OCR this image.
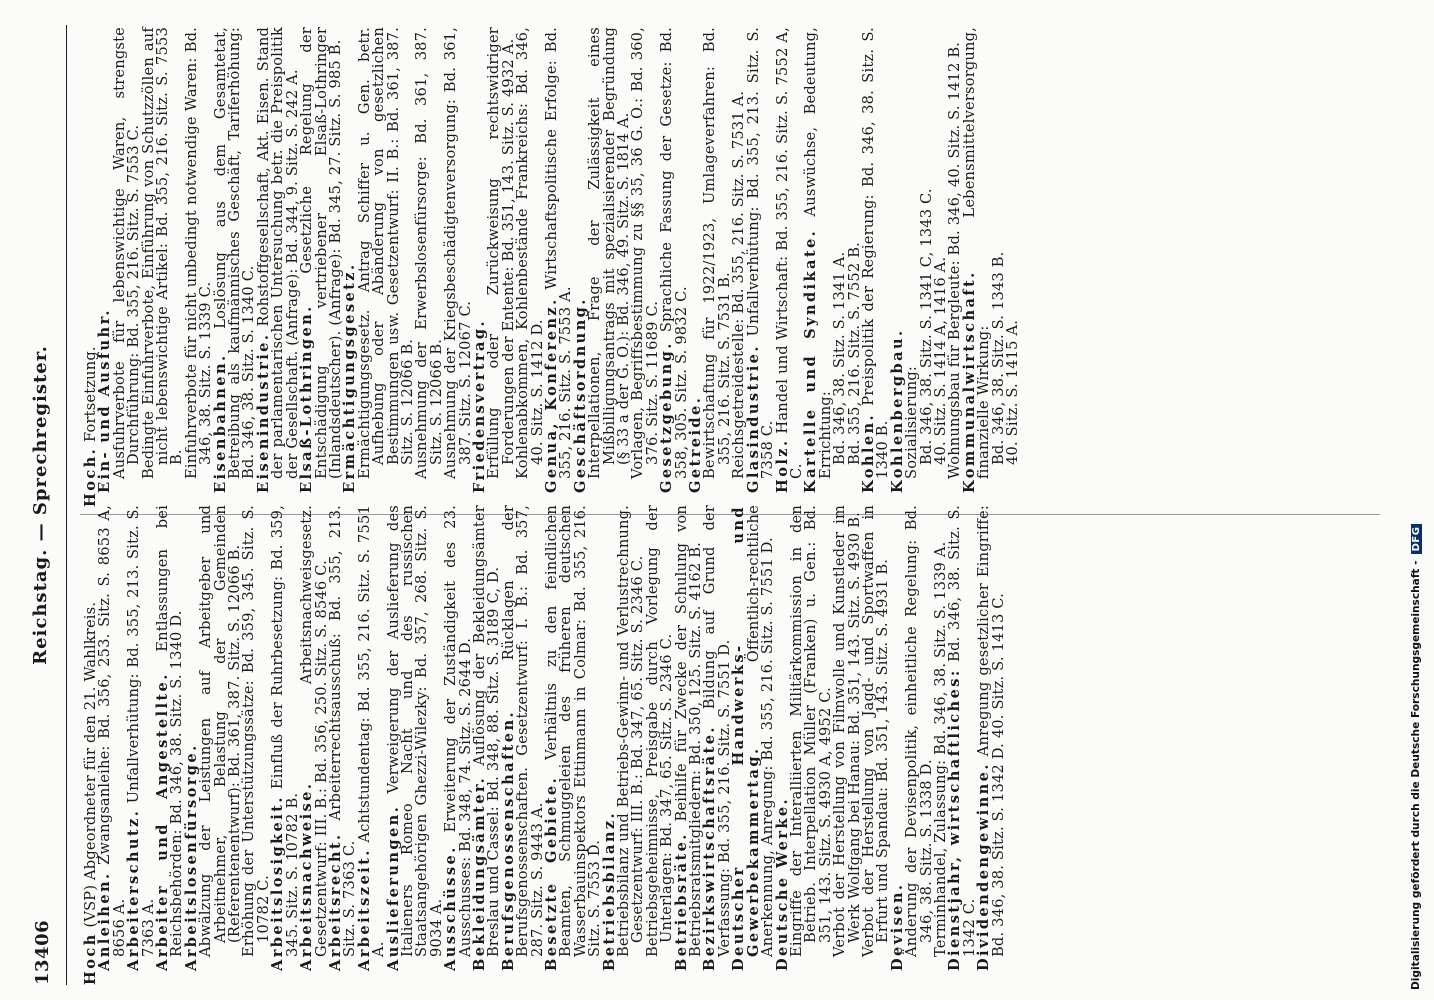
13406
Reichstag. — Sprechregister.

Hoch (VSP) Abgeordneter für den 21. Wahlkreis.

Anleihen. Zwangsanleihe: Bd. 356, 253. Sitz. S. 8653 A, 8656 A.

Arbeiterschutz. Unfallverhütung: Bd. 355, 213. Sitz. S. 7363 A.

Arbeiter und Angestellte. Entlassungen bei Reichsbehörden: Bd. 346, 38. Sitz. S. 1340 D.

Arbeitslosenfürsorge.

Abwälzung der Leistungen auf Arbeitgeber und Arbeitnehmer, Belastung der Gemeinden (Referentenentwurf): Bd. 361, 387. Sitz. S. 12066 B.

Erhöhung der Unterstützungssätze: Bd. 359, 345. Sitz. S. 10782 C.

Arbeitslosigkeit. Einfluß der Ruhrbesetzung: Bd. 359, 345. Sitz. S. 10782 B.

Arbeitsnachweise. Arbeitsnachweisgesetz. Gesetzentwurf: III. B.: Bd. 356, 250. Sitz. S. 8546 C.

Arbeitsrecht. Arbeiterrechtsausschuß: Bd. 355, 213. Sitz. S. 7363 C.

Arbeitszeit. Achtstundentag: Bd. 355, 216. Sitz. S. 7551 A.

Auslieferungen. Verweigerung der Auslieferung des Italieners Romeo Nacht und des russischen Staatsangehörigen Ghezzi-Wilezky: Bd. 357, 268. Sitz. S. 9034 A.

Ausschüsse. Erweiterung der Zuständigkeit des 23. Ausschusses: Bd. 348, 74. Sitz. S. 2644 D.

Bekleidungsämter. Auflösung der Bekleidungsämter Breslau und Cassel: Bd. 348, 88. Sitz. S. 3189 C, D.

Berufsgenossenschaften. Rücklagen der Berufsgenossenschaften. Gesetzentwurf: I. B.: Bd. 357, 287. Sitz. S. 9443 A.

Besetzte Gebiete. Verhältnis zu den feindlichen Beamten, Schmuggeleien des früheren deutschen Wasserbauinspektors Ettinmann in Colmar: Bd. 355, 216. Sitz. S. 7553 D.

Betriebsbilanz.

Betriebsbilanz und Betriebs-Gewinn- und Verlustrechnung. Gesetzentwurf: III. B.: Bd. 347, 65. Sitz. S. 2346 C.

Betriebsgeheimnisse, Preisgabe durch Vorlegung der Unterlagen: Bd. 347, 65. Sitz. S. 2346 C.

Betriebsräte. Beihilfe für Zwecke der Schulung von Betriebsratsmitgliedern: Bd. 350, 125. Sitz. S. 4162 B.

Bezirkswirtschaftsräte. Bildung auf Grund der Verfassung: Bd. 355, 216. Sitz. S. 7551 D.

Deutscher Handwerks- und Gewerbekammertag. Öffentlich-rechtliche Anerkennung, Anregung: Bd. 355, 216. Sitz. S. 7551 D.

Deutsche Werke.

Eingriffe der Interalliierten Militärkommission in den Betrieb. Interpellation Müller (Franken) u. Gen.: Bd. 351, 143. Sitz. S. 4930 A, 4952 C.

Verbot der Herstellung von Filmwolle und Kunstleder im Werk Wolfgang bei Hanau: Bd. 351, 143. Sitz. S. 4930 B.

Verbot der Herstellung von Jagd- und Sportwaffen in Erfurt und Spandau: Bd. 351, 143. Sitz. S. 4931 B.

Devisen.

Änderung der Devisenpolitik, einheitliche Regelung: Bd. 346, 38. Sitz. S. 1338 D.

Terminhandel, Zulassung: Bd. 346, 38. Sitz. S. 1339 A.

Dienstjahr, wirtschaftliches: Bd. 346, 38. Sitz. S. 1342 C.

Dividendengewinne. Anregung gesetzlicher Eingriffe: Bd. 346, 38. Sitz. S. 1342 D. 40. Sitz. S. 1413 C.

Hoch. Fortsetzung.

Ein- und Ausfuhr.

Ausfuhrverbote für lebenswichtige Waren, strengste Durchführung: Bd. 355, 216. Sitz. S. 7553 C.

Bedingte Einfuhrverbote, Einführung von Schutzzöllen auf nicht lebenswichtige Artikel: Bd. 355, 216. Sitz. S. 7553 B.

Einfuhrverbote für nicht unbedingt notwendige Waren: Bd. 346, 38. Sitz. S. 1339 C.

Eisenbahnen. Loslösung aus dem Gesamtetat, Betreibung als kaufmännisches Geschäft, Tariferhöhung: Bd. 346, 38. Sitz. S. 1340 C.

Eisenindustrie. Rohstoffgesellschaft, Akt. Eisen. Stand der parlamentarischen Untersuchung betr. die Preispolitik der Gesellschaft. (Anfrage): Bd. 344, 9. Sitz. S. 242 A.

Elsaß-Lothringen. Gesetzliche Regelung der Entschädigung vertriebener Elsaß-Lothringer (Inlandsdeutscher). (Anfrage): Bd. 345, 27. Sitz. S. 985 B.

Ermächtigungsgesetz.

Ermächtigungsgesetz. Antrag Schiffer u. Gen. betr. Aufhebung oder Abänderung von gesetzlichen Bestimmungen usw. Gesetzentwurf: II. B.: Bd. 361, 387. Sitz. S. 12066 B.

Ausnehmung der Erwerbslosenfürsorge: Bd. 361, 387. Sitz. S. 12066 B.

Ausnehmung der Kriegsbeschädigtenversorgung: Bd. 361, 387. Sitz. S. 12067 C.

Friedensvertrag.

Erfüllung oder Zurückweisung rechtswidriger Forderungen der Entente: Bd. 351, 143. Sitz. S. 4932 A.

Kohlenabkommen, Kohlenbestände Frankreichs: Bd. 346, 40. Sitz. S. 1412 D.

Genua, Konferenz. Wirtschaftspolitische Erfolge: Bd. 355, 216. Sitz. S. 7553 A.

Geschäftsordnung.

Interpellationen, Frage der Zulässigkeit eines Mißbilligungsantrags mit spezialisierender Begründung (§ 33 a der G. O.): Bd. 346, 49. Sitz. S. 1814 A.

Vorlagen, Begriffsbestimmung zu §§ 35, 36 G. O.: Bd. 360, 376. Sitz. S. 11689 C.

Gesetzgebung. Sprachliche Fassung der Gesetze: Bd. 358, 305. Sitz. S. 9832 C.

Getreide.

Bewirtschaftung für 1922/1923, Umlageverfahren: Bd. 355, 216. Sitz. S. 7531 B.

Reichsgetreidestelle: Bd. 355, 216. Sitz. S. 7531 A.

Glasindustrie. Unfallverhütung: Bd. 355, 213. Sitz. S. 7358 C.

Holz. Handel und Wirtschaft: Bd. 355, 216. Sitz. S. 7552 A, C.

Kartelle und Syndikate. Auswüchse, Bedeutung, Errichtung:

Bd. 346, 38. Sitz. S. 1341 A.

Bd. 355, 216. Sitz. S. 7552 B.

Kohlen. Preispolitik der Regierung: Bd. 346, 38. Sitz. S. 1340 B.

Kohlenbergbau.

Sozialisierung:

Bd. 346, 38. Sitz. S. 1341 C, 1343 C.

40. Sitz. S. 1414 A, 1416 A.

Wohnungsbau für Bergleute: Bd. 346, 40. Sitz. S. 1412 B.

Kommunalwirtschaft. Lebensmittelversorgung, finanzielle Wirkung:

Bd. 346, 38. Sitz. S. 1343 B.

40. Sitz. S. 1415 A.

Digitalisierung gefördert durch die Deutsche Forschungsgemeinschaft -DFG
